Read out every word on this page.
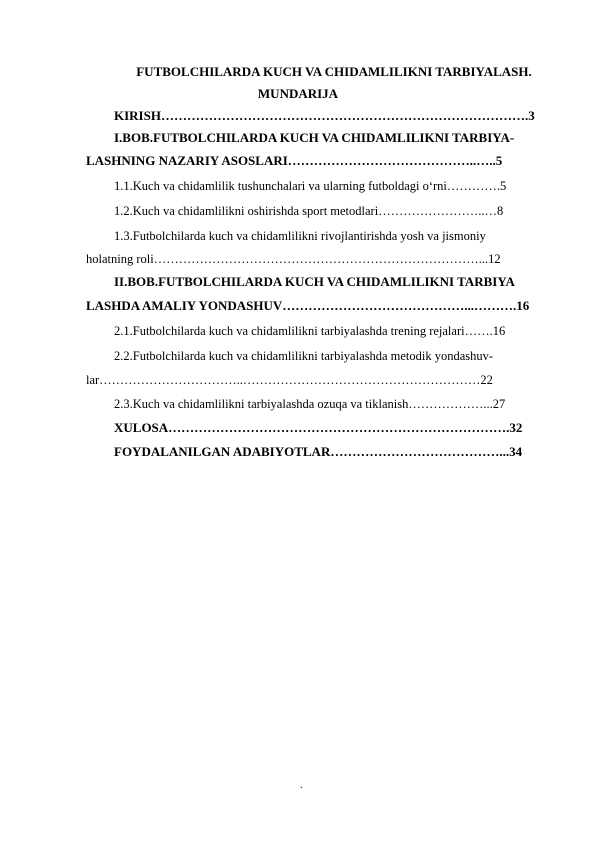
FUTBOLCHILARDA KUCH VA CHIDAMLILIKNI TARBIYALASH.
MUNDARIJA
KIRISH………………………………………………………………………….3
I.BOB.FUTBOLCHILARDA KUCH VA CHIDAMLILIKNI TARBIYA-
LASHNING NAZARIY ASOSLARI……………………………………..…..5
1.1.Kuch va chidamlilik tushunchalari va ularning futboldagi o‘rni………….5
1.2.Kuch va chidamlilikni oshirishda sport metodlari……………………..…8
1.3.Futbolchilarda kuch va chidamlilikni rivojlantirishda yosh va jismoniy
holatning roli……………………………………………………………………...12
II.BOB.FUTBOLCHILARDA KUCH VA CHIDAMLILIKNI TARBIYA
LASHDA AMALIY YONDASHUV……………………………………...……….16
2.1.Futbolchilarda kuch va chidamlilikni tarbiyalashda trening rejalari…….16
2.2.Futbolchilarda kuch va chidamlilikni tarbiyalashda metodik yondashuv-
lar……………………………..…………………………………………………22
2.3.Kuch va chidamlilikni tarbiyalashda ozuqa va tiklanish………………...27
XULOSA…………………………………………………………………….32
FOYDALANILGAN ADABIYOTLAR…………………………………...34
.
